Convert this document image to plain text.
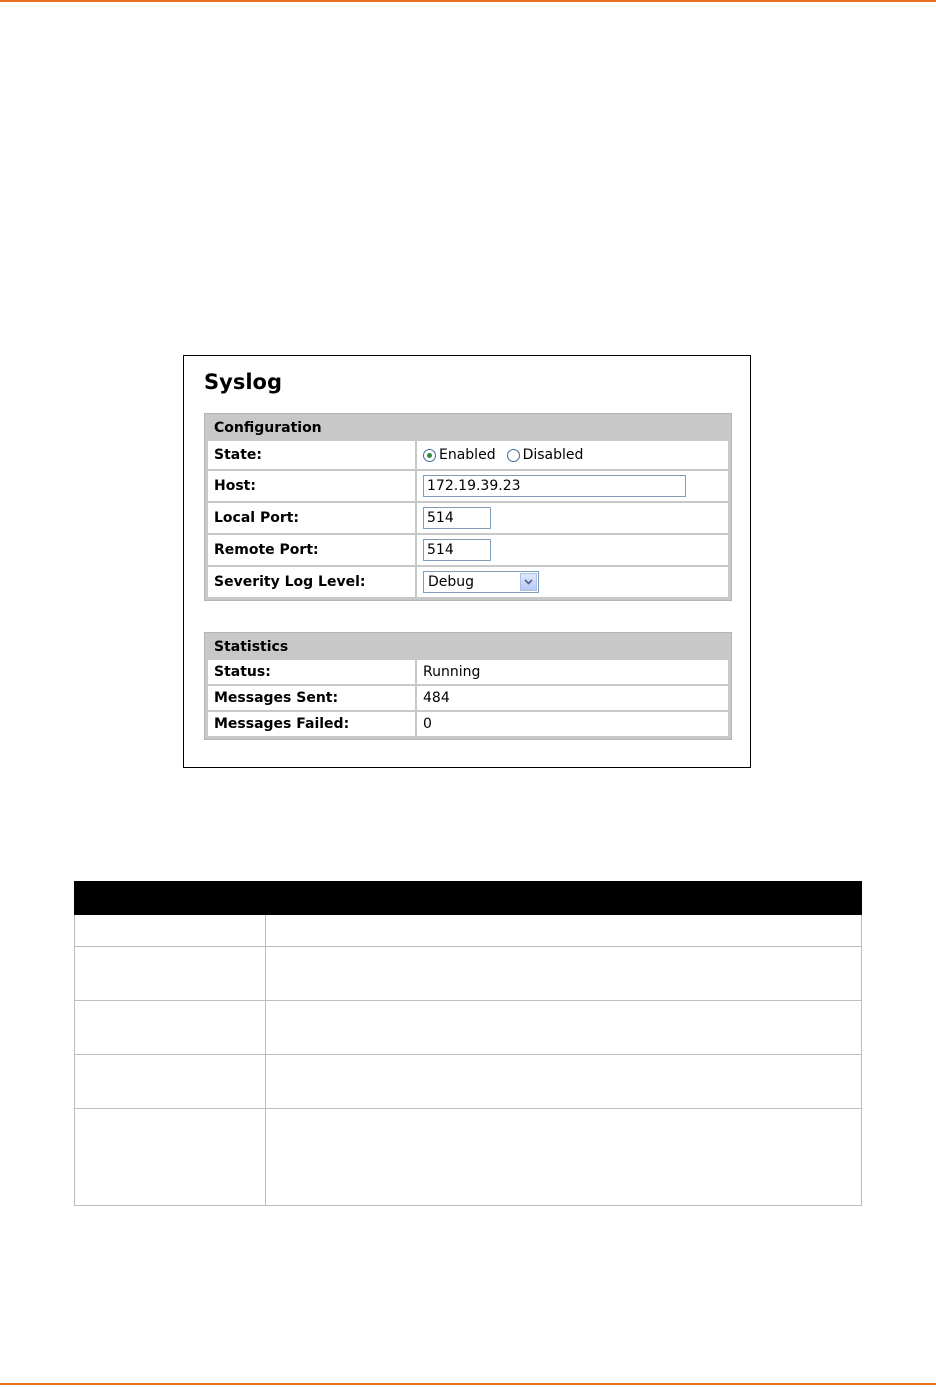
Syslog
Configuration
State:	Enabled Disabled
Host:
172.19.39.23
Local Port:
514
Remote Port:
514
Severity Log Level:	Debug
Statistics
Status:	Running
Messages Sent:	484
Messages Failed:	0
